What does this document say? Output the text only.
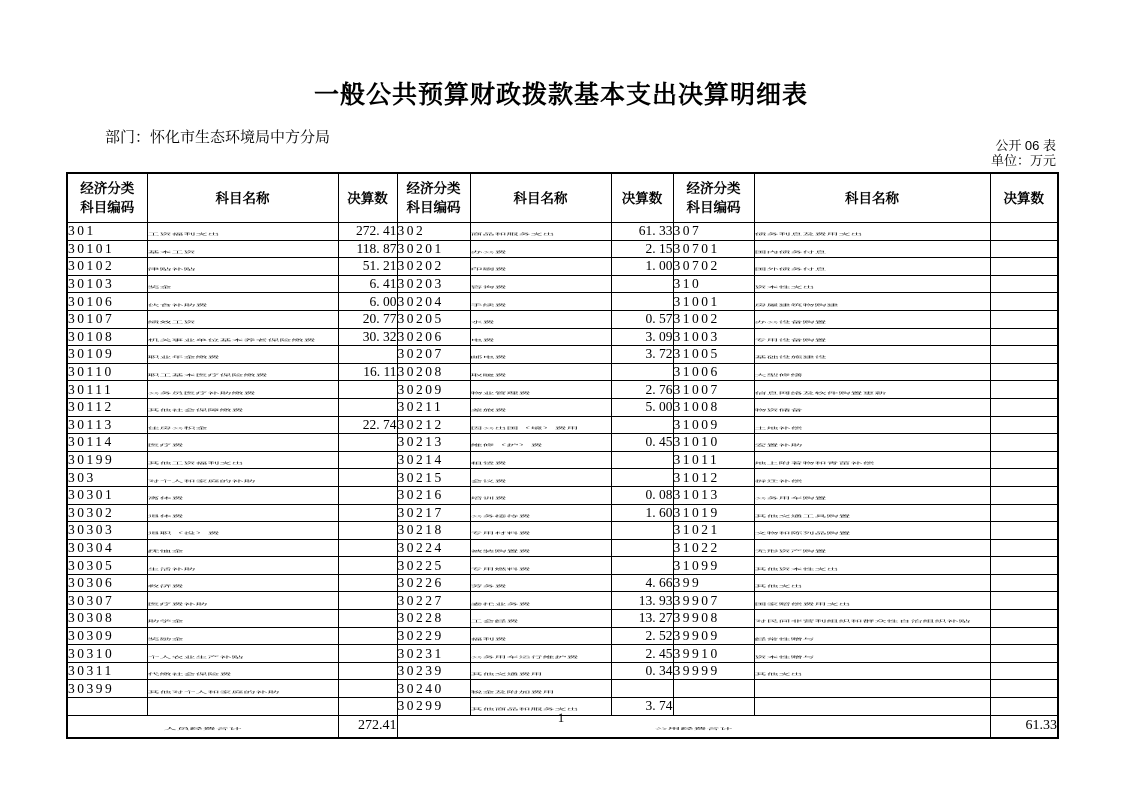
一般公共预算财政拨款基本支出决算明细表
部门：怀化市生态环境局中方分局	公开 06 表
单位：万元
经济分类
科目编码
	科目名称	决算数	
经济分类
科目编码
	科目名称	决算数	
经济分类
科目编码
	科目名称	决算数
301	工资福利支出	272. 41	302	商品和服务支出	61. 33	307	债务利息及费用支出	
30101	基本工资	118. 87	30201	办公费	2. 15	30701	国内债务付息	
30102	津贴补贴	51. 21	30202	印刷费	1. 00	30702	国外债务付息	
30103	奖金	6. 41	30203	咨询费		310	资本性支出	
30106	伙食补助费	6. 00	30204	手续费		31001	房屋建筑物购建	
30107	绩效工资	20. 77	30205	水费	0. 57	31002	办公设备购置	
30108	机关事业单位基本养老保险缴费	30. 32	30206	电费	3. 09	31003	专用设备购置	
30109	职业年金缴费		30207	邮电费	3. 72	31005	基础设施建设	
30110	职工基本医疗保险缴费	16. 11	30208	取暖费		31006	大型修缮	
30111	公务员医疗补助缴费		30209	物业管理费	2. 76	31007	信息网络及软件购置更新	
30112	其他社会保障缴费		30211	差旅费	5. 00	31008	物资储备	
30113	住房公积金	22. 74	30212	因公出国（境）费用		31009	土地补偿	
30114	医疗费		30213	维修（护）费	0. 45	31010	安置补助	
30199	其他工资福利支出		30214	租赁费		31011	地上附着物和青苗补偿	
303	对个人和家庭的补助		30215	会议费		31012	拆迁补偿	
30301	离休费		30216	培训费	0. 08	31013	公务用车购置	
30302	退休费		30217	公务接待费	1. 60	31019	其他交通工具购置	
30303	退职（役）费		30218	专用材料费		31021	文物和陈列品购置	
30304	抚恤金		30224	被装购置费		31022	无形资产购置	
30305	生活补助		30225	专用燃料费		31099	其他资本性支出	
30306	救济费		30226	劳务费	4. 66	399	其他支出	
30307	医疗费补助		30227	委托业务费	13. 93	39907	国家赔偿费用支出	
30308	助学金		30228	工会经费	13. 27	39908	对民间非营利组织和群众性自治组织补贴	
30309	奖励金		30229	福利费	2. 52	39909	经常性赠与	
30310	个人农业生产补贴		30231	公务用车运行维护费	2. 45	39910	资本性赠与	
30311	代缴社会保险费		30239	其他交通费用	0. 34	39999	其他支出	
30399	其他对个人和家庭的补助		30240	税金及附加费用				
			30299	其他商品和服务支出	3. 74			
人员经费合计		272.41	公用经费合计					61.33
1
